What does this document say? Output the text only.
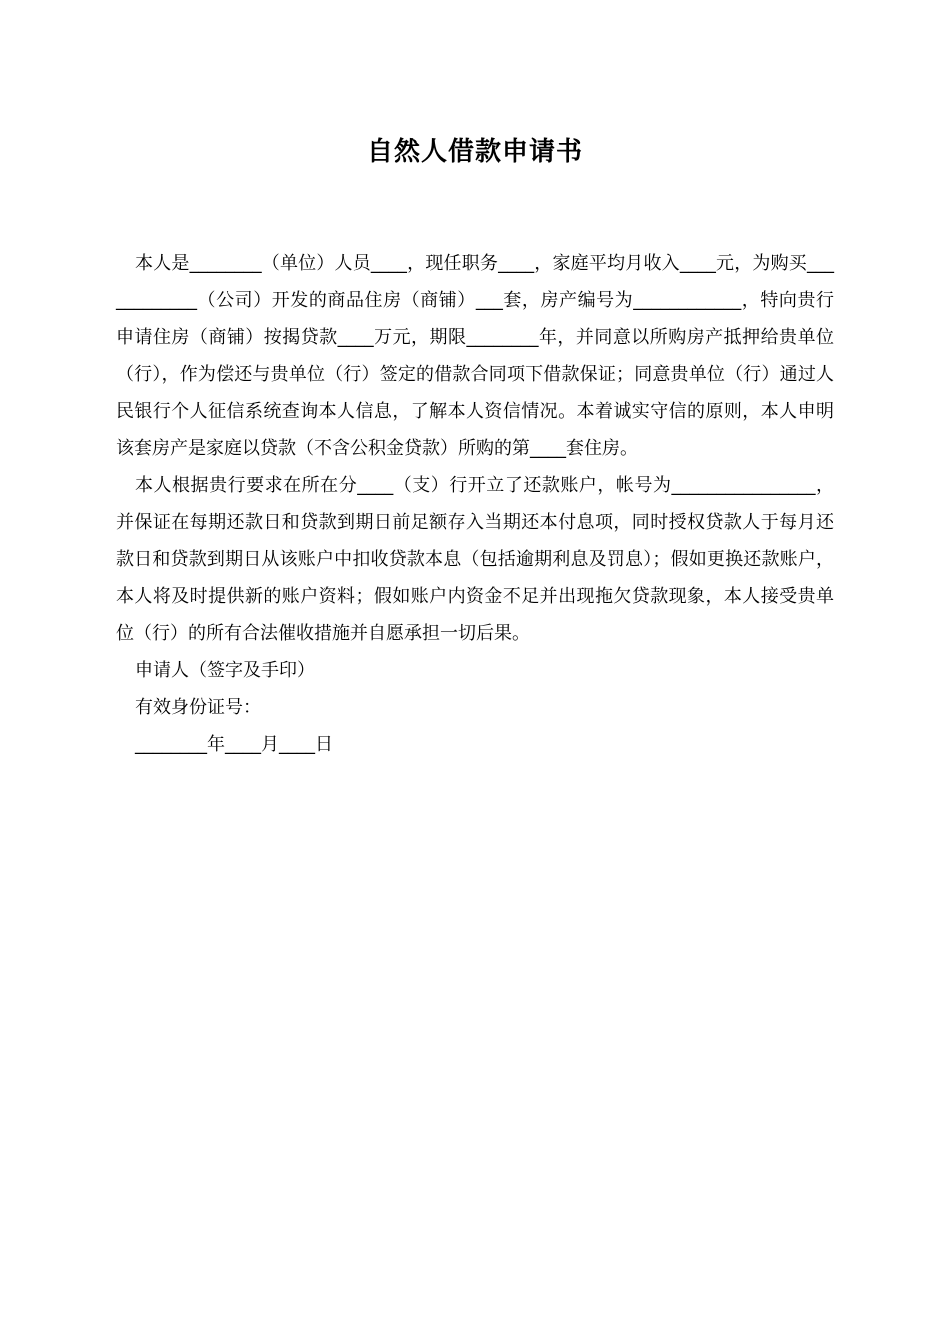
自然人借款申请书

本人是________（单位）人员____，现任职务____，家庭平均月收入____元，为购买____________（公司）开发的商品住房（商铺）___套，房产编号为____________，特向贵行申请住房（商铺）按揭贷款____万元，期限________年，并同意以所购房产抵押给贵单位（行），作为偿还与贵单位（行）签定的借款合同项下借款保证；同意贵单位（行）通过人民银行个人征信系统查询本人信息，了解本人资信情况。本着诚实守信的原则，本人申明该套房产是家庭以贷款（不含公积金贷款）所购的第____套住房。

本人根据贵行要求在所在分____（支）行开立了还款账户，帐号为________________，并保证在每期还款日和贷款到期日前足额存入当期还本付息项，同时授权贷款人于每月还款日和贷款到期日从该账户中扣收贷款本息（包括逾期利息及罚息）；假如更换还款账户，本人将及时提供新的账户资料；假如账户内资金不足并出现拖欠贷款现象，本人接受贵单位（行）的所有合法催收措施并自愿承担一切后果。

申请人（签字及手印）

有效身份证号：

________年____月____日
